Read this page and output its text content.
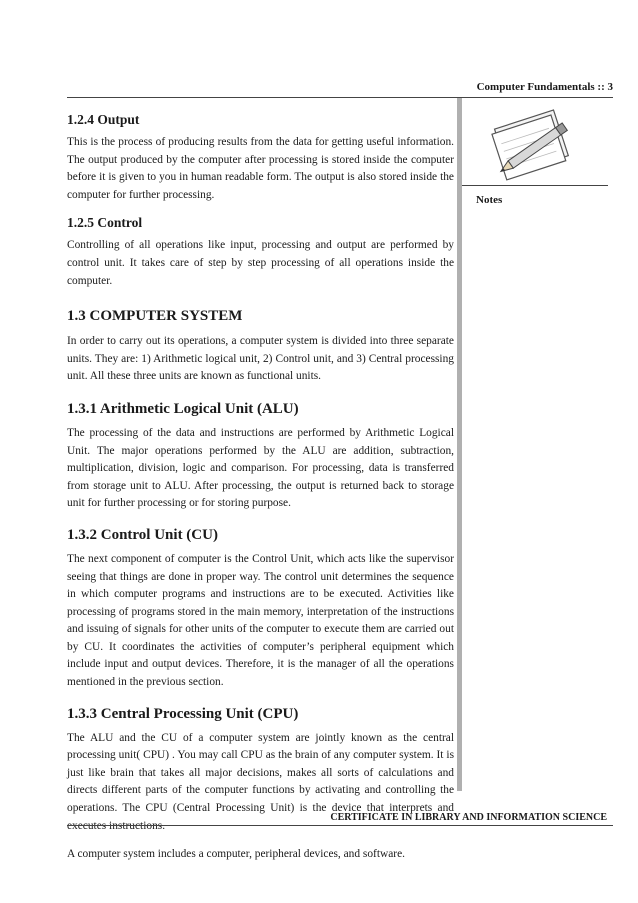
Computer Fundamentals :: 3
Notes
1.2.4 Output

This is the process of producing results from the data for getting useful information. The output produced by the computer after processing is stored inside the computer before it is given to you in human readable form. The output is also stored inside the computer for further processing.

1.2.5 Control

Controlling of all operations like input, processing and output are performed by control unit. It takes care of step by step processing of all operations inside the computer.

1.3 COMPUTER SYSTEM

In order to carry out its operations, a computer system is divided into three separate units. They are: 1) Arithmetic logical unit, 2) Control unit, and 3) Central processing unit. All these three units are known as functional units.

1.3.1 Arithmetic Logical Unit (ALU)

The processing of the data and instructions are performed by Arithmetic Logical Unit. The major operations performed by the ALU are addition, subtraction, multiplication, division, logic and comparison. For processing, data is transferred from storage unit to ALU. After processing, the output is returned back to storage unit for further processing or for storing purpose.

1.3.2 Control Unit (CU)

The next component of computer is the Control Unit, which acts like the supervisor seeing that things are done in proper way. The control unit determines the sequence in which computer programs and instructions are to be executed. Activities like processing of programs stored in the main memory, interpretation of the instructions and issuing of signals for other units of the computer to execute them are carried out by CU. It coordinates the activities of computer’s peripheral equipment which include input and output devices. Therefore, it is the manager of all the operations mentioned in the previous section.

1.3.3 Central Processing Unit (CPU)

The ALU and the CU of a computer system are jointly known as the central processing unit( CPU) . You may call CPU as the brain of any computer system. It is just like brain that takes all major decisions, makes all sorts of calculations and directs different parts of the computer functions by activating and controlling the operations. The CPU (Central Processing Unit) is the device that interprets and executes instructions.

A computer system includes a computer, peripheral devices, and software.

CERTIFICATE IN LIBRARY AND INFORMATION SCIENCE
